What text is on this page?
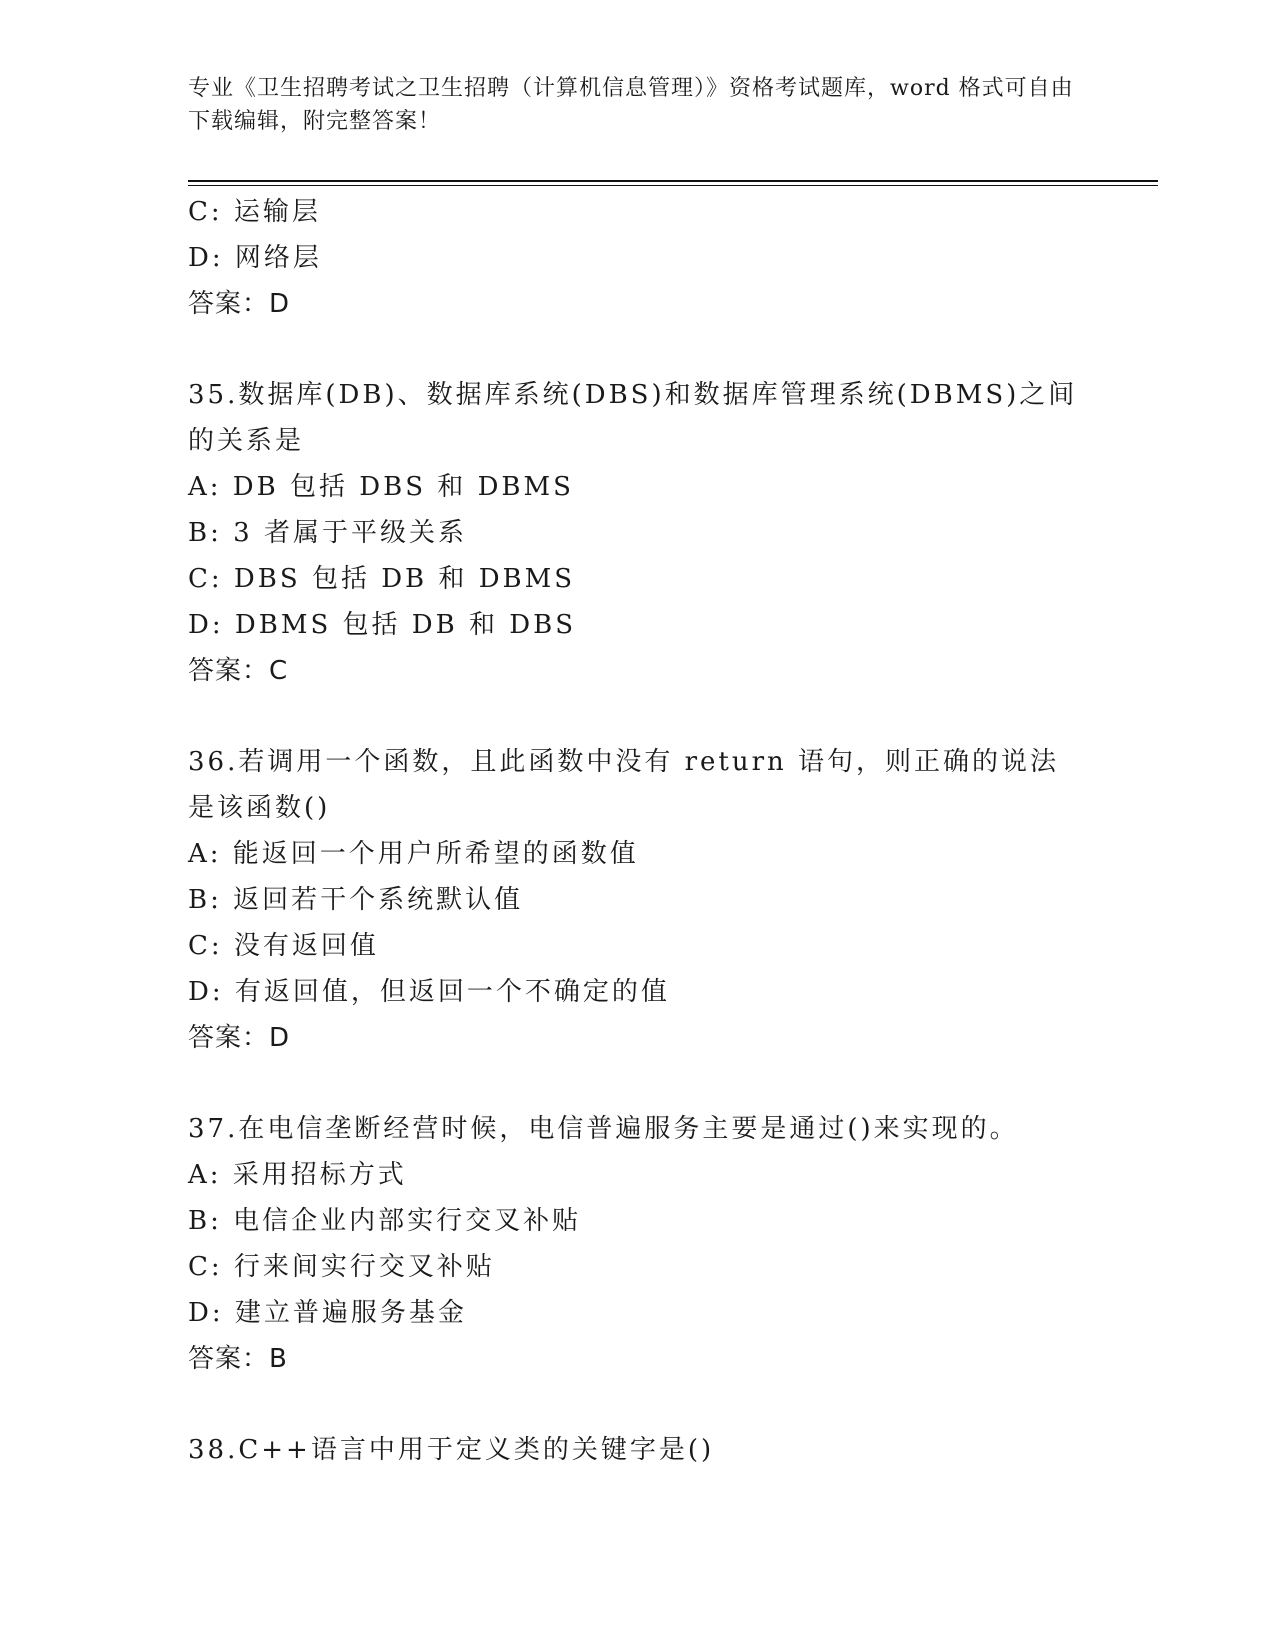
专业《卫生招聘考试之卫生招聘（计算机信息管理）》资格考试题库，word 格式可自由下载编辑，附完整答案！
C: 运输层
D: 网络层
答案：D
35.数据库(DB)、数据库系统(DBS)和数据库管理系统(DBMS)之间的关系是
A: DB 包括 DBS 和 DBMS
B: 3 者属于平级关系
C: DBS 包括 DB 和 DBMS
D: DBMS 包括 DB 和 DBS
答案：C
36.若调用一个函数，且此函数中没有 return 语句，则正确的说法是该函数()
A: 能返回一个用户所希望的函数值
B: 返回若干个系统默认值
C: 没有返回值
D: 有返回值，但返回一个不确定的值
答案：D
37.在电信垄断经营时候，电信普遍服务主要是通过()来实现的。
A: 采用招标方式
B: 电信企业内部实行交叉补贴
C: 行来间实行交叉补贴
D: 建立普遍服务基金
答案：B
38.C++语言中用于定义类的关键字是()
